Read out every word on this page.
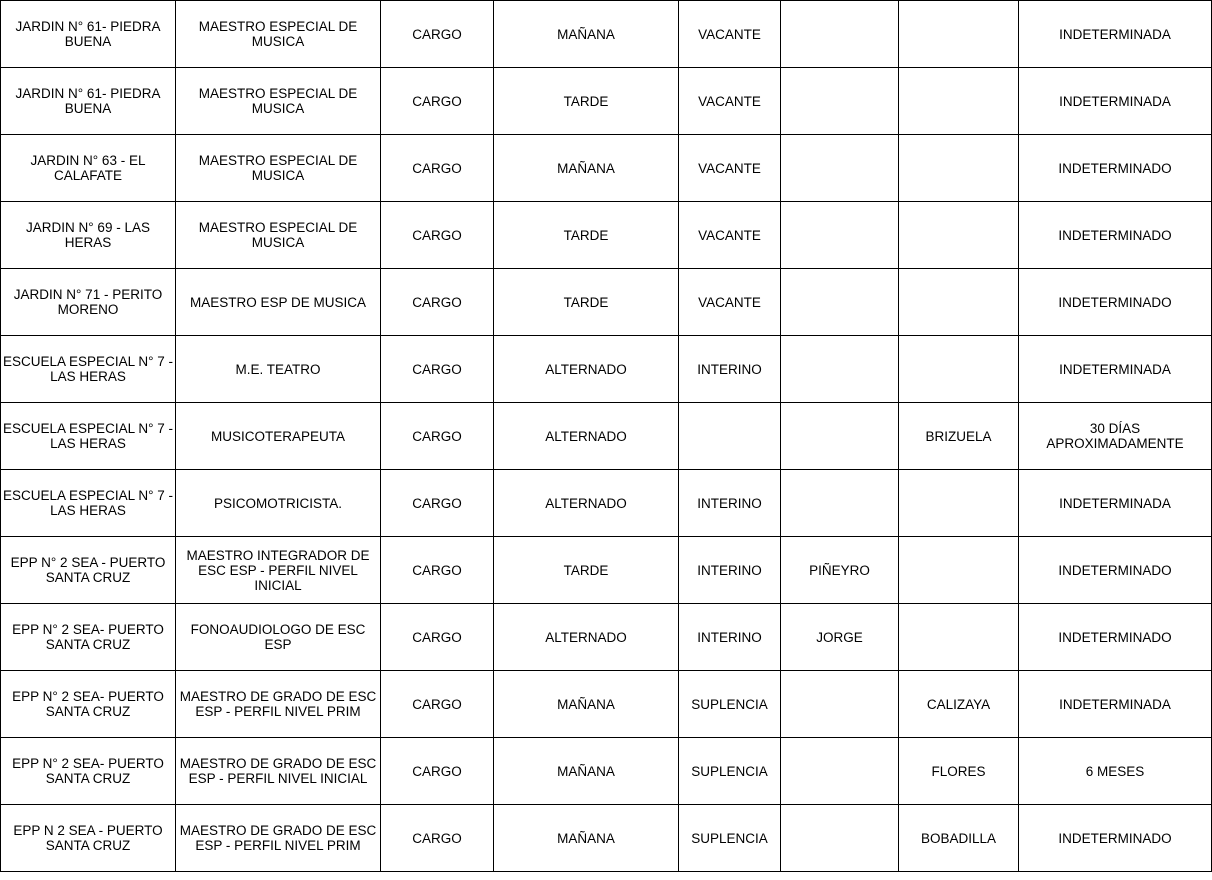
JARDIN N° 61- PIEDRA BUENA	MAESTRO ESPECIAL DE MUSICA	CARGO	MAÑANA	VACANTE			INDETERMINADA
JARDIN N° 61- PIEDRA BUENA	MAESTRO ESPECIAL DE MUSICA	CARGO	TARDE	VACANTE			INDETERMINADA
JARDIN N° 63 - EL CALAFATE	MAESTRO ESPECIAL DE MUSICA	CARGO	MAÑANA	VACANTE			INDETERMINADO
JARDIN N° 69 - LAS HERAS	MAESTRO ESPECIAL DE MUSICA	CARGO	TARDE	VACANTE			INDETERMINADO
JARDIN N° 71 - PERITO MORENO	MAESTRO ESP DE MUSICA	CARGO	TARDE	VACANTE			INDETERMINADO
ESCUELA ESPECIAL N° 7 - LAS HERAS	M.E. TEATRO	CARGO	ALTERNADO	INTERINO			INDETERMINADA
ESCUELA ESPECIAL N° 7 - LAS HERAS	MUSICOTERAPEUTA	CARGO	ALTERNADO			BRIZUELA	30 DÍAS APROXIMADAMENTE
ESCUELA ESPECIAL N° 7 - LAS HERAS	PSICOMOTRICISTA.	CARGO	ALTERNADO	INTERINO			INDETERMINADA
EPP N° 2 SEA - PUERTO SANTA CRUZ	MAESTRO INTEGRADOR DE ESC ESP - PERFIL NIVEL INICIAL	CARGO	TARDE	INTERINO	PIÑEYRO		INDETERMINADO
EPP N° 2 SEA- PUERTO SANTA CRUZ	FONOAUDIOLOGO DE ESC ESP	CARGO	ALTERNADO	INTERINO	JORGE		INDETERMINADO
EPP N° 2 SEA- PUERTO SANTA CRUZ	MAESTRO DE GRADO DE ESC ESP - PERFIL NIVEL PRIM	CARGO	MAÑANA	SUPLENCIA		CALIZAYA	INDETERMINADA
EPP N° 2 SEA- PUERTO SANTA CRUZ	MAESTRO DE GRADO DE ESC ESP - PERFIL NIVEL INICIAL	CARGO	MAÑANA	SUPLENCIA		FLORES	6 MESES
EPP N 2 SEA - PUERTO SANTA CRUZ	MAESTRO DE GRADO DE ESC ESP - PERFIL NIVEL PRIM	CARGO	MAÑANA	SUPLENCIA		BOBADILLA	INDETERMINADO
